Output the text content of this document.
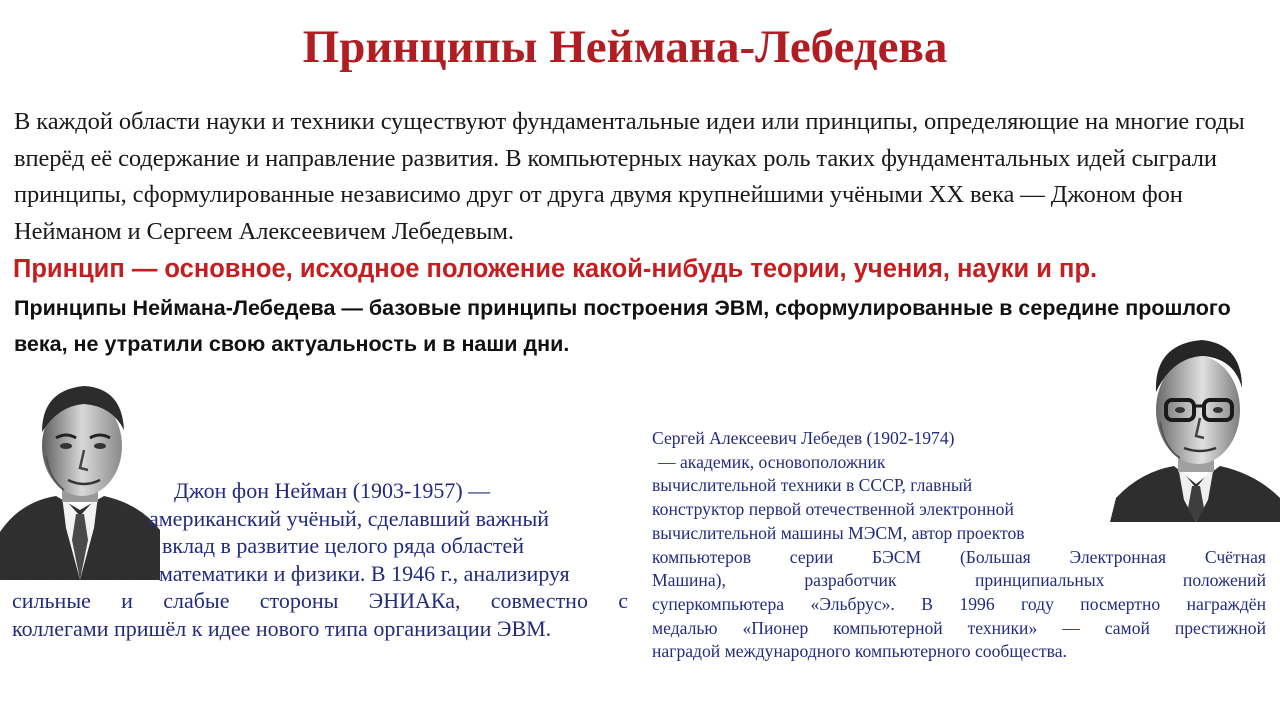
Принципы Неймана-Лебедева
В каждой области науки и техники существуют фундаментальные идеи или принципы, определяющие на многие годы вперёд её содержание и направление развития. В компьютерных науках роль таких фундаментальных идей сыграли принципы, сформулированные независимо друг от друга двумя крупнейшими учёными XX века — Джоном фон Нейманом и Сергеем Алексеевичем Лебедевым.
Принцип — основное, исходное положение какой-нибудь теории, учения, науки и пр.
Принципы Неймана-Лебедева — базовые принципы построения ЭВМ, сформулированные в середине прошлого века, не утратили свою актуальность и в наши дни.
Джон фон Нейман (1903-1957) —
американский учёный, сделавший важный
вклад в развитие целого ряда областей
математики и физики. В 1946 г., анализируя
сильные и слабые стороны ЭНИАКа, совместно с
коллегами пришёл к идее нового типа организации ЭВМ.
Сергей Алексеевич Лебедев (1902-1974)
— академик, основоположник
вычислительной техники в СССР, главный
конструктор первой отечественной электронной
вычислительной машины МЭСМ, автор проектов
компьютеров серии БЭСМ (Большая Электронная Счётная
Машина), разработчик принципиальных положений
суперкомпьютера «Эльбрус». В 1996 году посмертно награждён
медалью «Пионер компьютерной техники» — самой престижной
наградой международного компьютерного сообщества.
